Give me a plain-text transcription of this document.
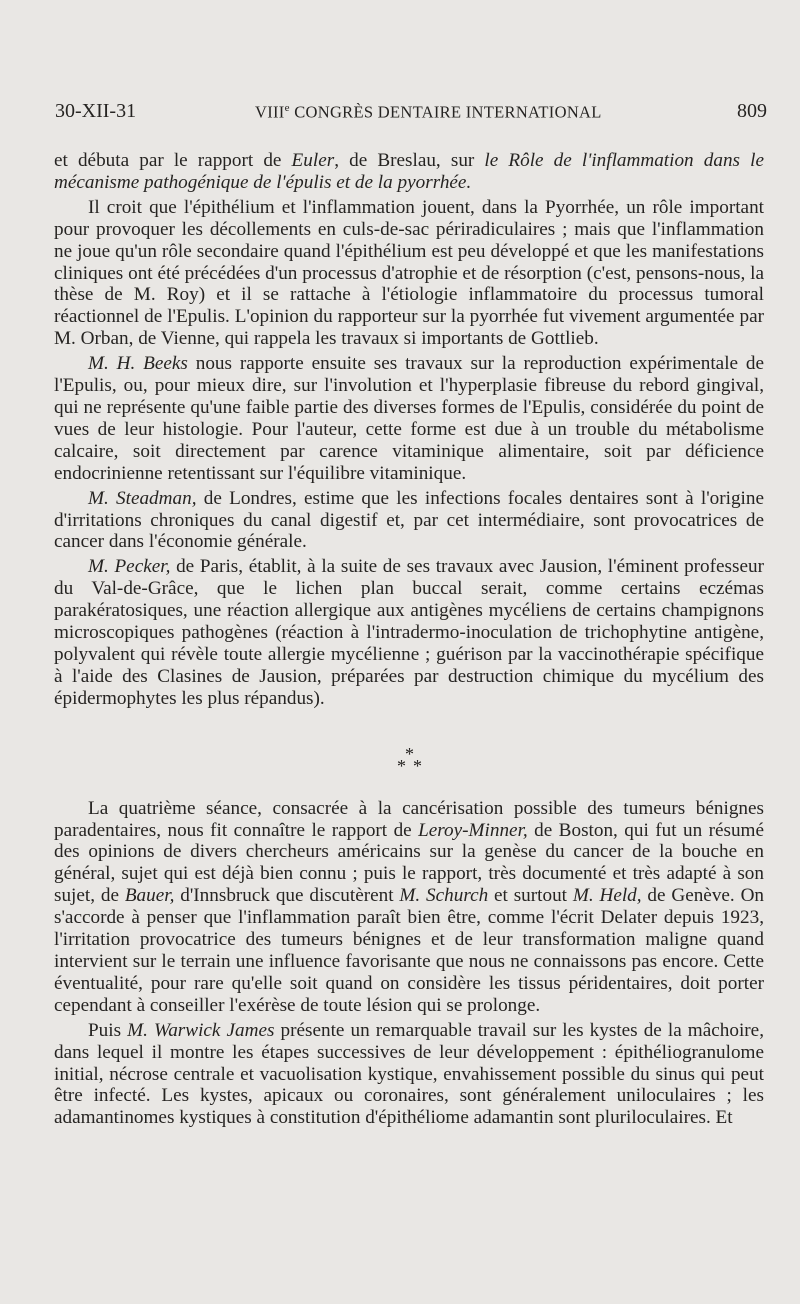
30-XII-31	VIIIe CONGRÈS DENTAIRE INTERNATIONAL	809

et débuta par le rapport de Euler, de Breslau, sur le Rôle de l'inflammation dans le mécanisme pathogénique de l'épulis et de la pyorrhée.

Il croit que l'épithélium et l'inflammation jouent, dans la Pyorrhée, un rôle important pour provoquer les décollements en culs-de-sac périradiculaires ; mais que l'inflammation ne joue qu'un rôle secondaire quand l'épithélium est peu développé et que les manifestations cliniques ont été précédées d'un processus d'atrophie et de résorption (c'est, pensons-nous, la thèse de M. Roy) et il se rattache à l'étiologie inflammatoire du processus tumoral réactionnel de l'Epulis. L'opinion du rapporteur sur la pyorrhée fut vivement argumentée par M. Orban, de Vienne, qui rappela les travaux si importants de Gottlieb.

M. H. Beeks nous rapporte ensuite ses travaux sur la reproduction expérimentale de l'Epulis, ou, pour mieux dire, sur l'involution et l'hyperplasie fibreuse du rebord gingival, qui ne représente qu'une faible partie des diverses formes de l'Epulis, considérée du point de vues de leur histologie. Pour l'auteur, cette forme est due à un trouble du métabolisme calcaire, soit directement par carence vitaminique alimentaire, soit par déficience endocrinienne retentissant sur l'équilibre vitaminique.

M. Steadman, de Londres, estime que les infections focales dentaires sont à l'origine d'irritations chroniques du canal digestif et, par cet intermédiaire, sont provocatrices de cancer dans l'économie générale.

M. Pecker, de Paris, établit, à la suite de ses travaux avec Jausion, l'éminent professeur du Val-de-Grâce, que le lichen plan buccal serait, comme certains eczémas parakératosiques, une réaction allergique aux antigènes mycéliens de certains champignons microscopiques pathogènes (réaction à l'intradermo-inoculation de trichophytine antigène, polyvalent qui révèle toute allergie mycélienne ; guérison par la vaccinothérapie spécifique à l'aide des Clasines de Jausion, préparées par destruction chimique du mycélium des épidermophytes les plus répandus).

*
* *

La quatrième séance, consacrée à la cancérisation possible des tumeurs bénignes paradentaires, nous fit connaître le rapport de Leroy-Minner, de Boston, qui fut un résumé des opinions de divers chercheurs américains sur la genèse du cancer de la bouche en général, sujet qui est déjà bien connu ; puis le rapport, très documenté et très adapté à son sujet, de Bauer, d'Innsbruck que discutèrent M. Schurch et surtout M. Held, de Genève. On s'accorde à penser que l'inflammation paraît bien être, comme l'écrit Delater depuis 1923, l'irritation provocatrice des tumeurs bénignes et de leur transformation maligne quand intervient sur le terrain une influence favorisante que nous ne connaissons pas encore. Cette éventualité, pour rare qu'elle soit quand on considère les tissus péridentaires, doit porter cependant à conseiller l'exérèse de toute lésion qui se prolonge.

Puis M. Warwick James présente un remarquable travail sur les kystes de la mâchoire, dans lequel il montre les étapes successives de leur développement : épithéliogranulome initial, nécrose centrale et vacuolisation kystique, envahissement possible du sinus qui peut être infecté. Les kystes, apicaux ou coronaires, sont généralement uniloculaires ; les adamantinomes kystiques à constitution d'épithéliome adamantin sont pluriloculaires. Et
